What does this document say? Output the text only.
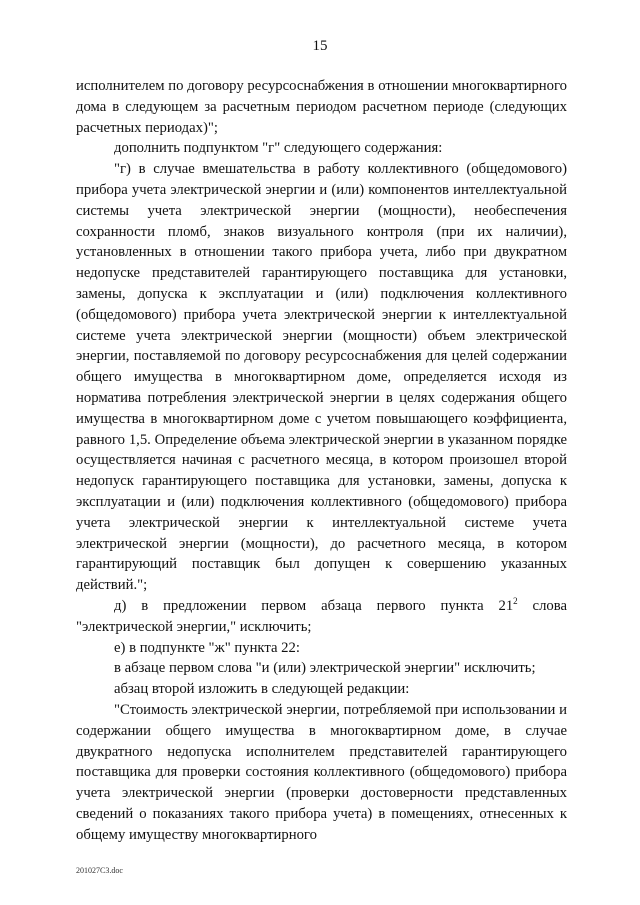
15

исполнителем по договору ресурсоснабжения в отношении многоквартирного дома в следующем за расчетным периодом расчетном периоде (следующих расчетных периодах)";

дополнить подпунктом "г" следующего содержания:

"г) в случае вмешательства в работу коллективного (общедомового) прибора учета электрической энергии и (или) компонентов интеллектуальной системы учета электрической энергии (мощности), необеспечения сохранности пломб, знаков визуального контроля (при их наличии), установленных в отношении такого прибора учета, либо при двукратном недопуске представителей гарантирующего поставщика для установки, замены, допуска к эксплуатации и (или) подключения коллективного (общедомового) прибора учета электрической энергии к интеллектуальной системе учета электрической энергии (мощности) объем электрической энергии, поставляемой по договору ресурсоснабжения для целей содержании общего имущества в многоквартирном доме, определяется исходя из норматива потребления электрической энергии в целях содержания общего имущества в многоквартирном доме с учетом повышающего коэффициента, равного 1,5. Определение объема электрической энергии в указанном порядке осуществляется начиная с расчетного месяца, в котором произошел второй недопуск гарантирующего поставщика для установки, замены, допуска к эксплуатации и (или) подключения коллективного (общедомового) прибора учета электрической энергии к интеллектуальной системе учета электрической энергии (мощности), до расчетного месяца, в котором гарантирующий поставщик был допущен к совершению указанных действий.";

д) в предложении первом абзаца первого пункта $21^2$ слова "электрической энергии," исключить;

е) в подпункте "ж" пункта 22:

в абзаце первом слова "и (или) электрической энергии" исключить;

абзац второй изложить в следующей редакции:

"Стоимость электрической энергии, потребляемой при использовании и содержании общего имущества в многоквартирном доме, в случае двукратного недопуска исполнителем представителей гарантирующего поставщика для проверки состояния коллективного (общедомового) прибора учета электрической энергии (проверки достоверности представленных сведений о показаниях такого прибора учета) в помещениях, отнесенных к общему имуществу многоквартирного

201027C3.doc
